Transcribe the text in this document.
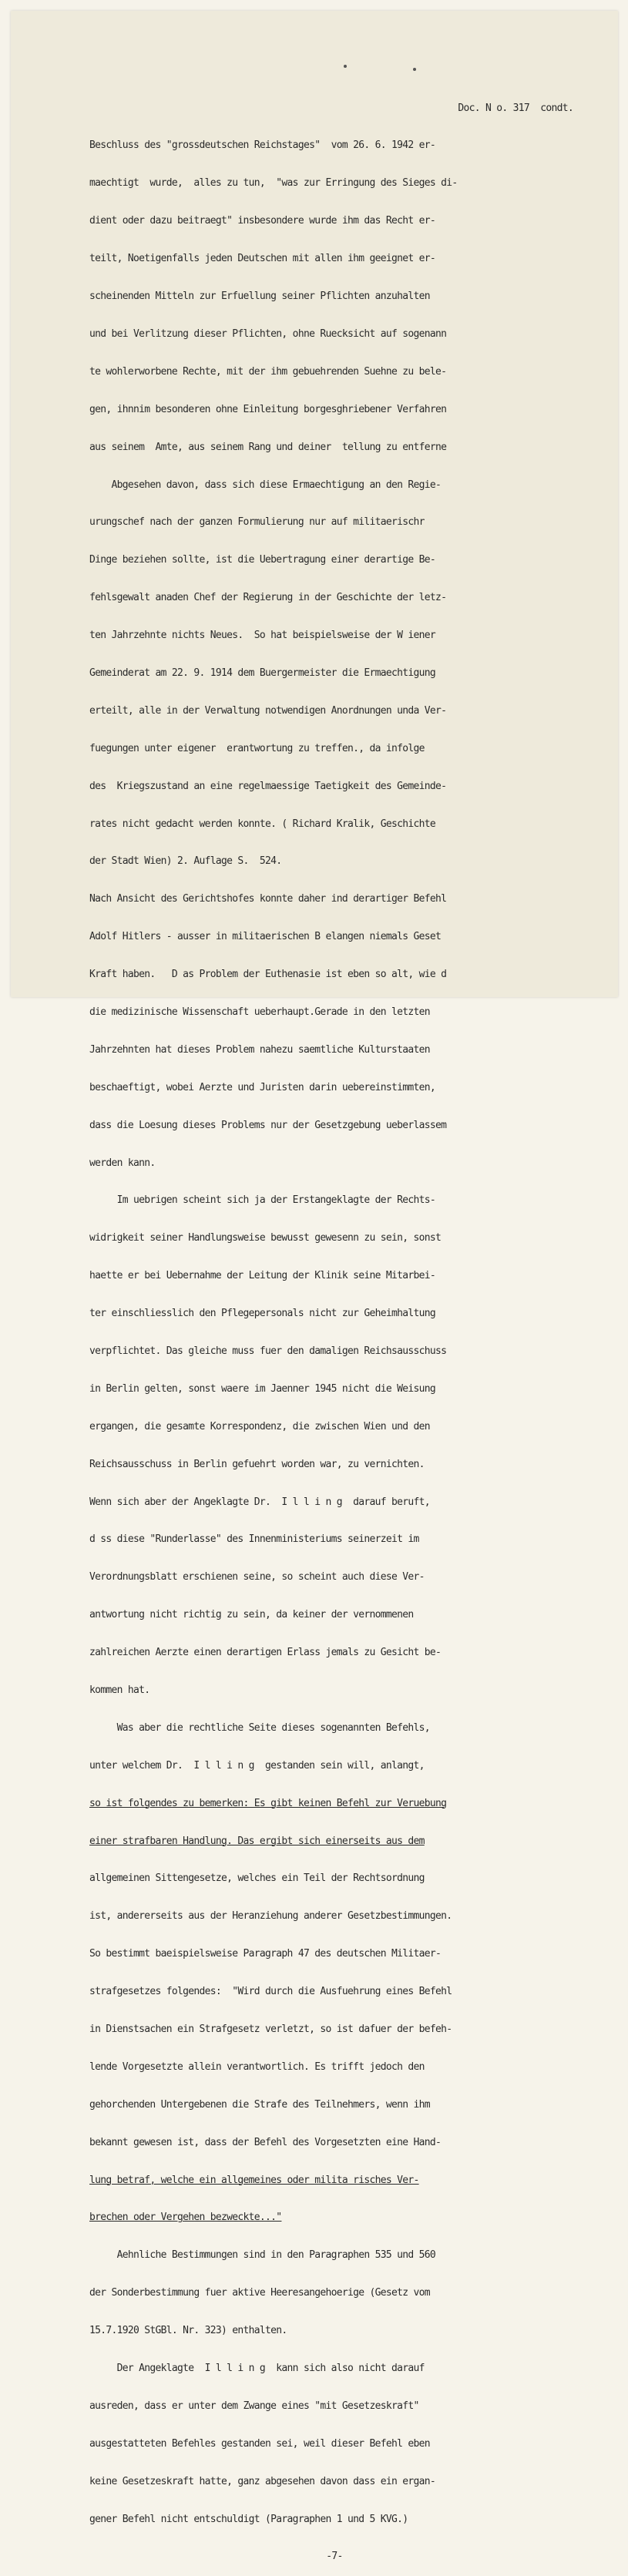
Doc. N o. 317  condt.

Beschluss des "grossdeutschen Reichstages"  vom 26. 6. 1942 er-

maechtigt  wurde,  alles zu tun,  "was zur Erringung des Sieges di-

dient oder dazu beitraegt" insbesondere wurde ihm das Recht er-

teilt, Noetigenfalls jeden Deutschen mit allen ihm geeignet er-

scheinenden Mitteln zur Erfuellung seiner Pflichten anzuhalten

und bei Verlitzung dieser Pflichten, ohne Ruecksicht auf sogenann

te wohlerworbene Rechte, mit der ihm gebuehrenden Suehne zu bele-

gen, ihnnim besonderen ohne Einleitung borgesghriebener Verfahren

aus seinem  Amte, aus seinem Rang und deiner  tellung zu entferne

Abgesehen davon, dass sich diese Ermaechtigung an den Regie-

urungschef nach der ganzen Formulierung nur auf militaerischr

Dinge beziehen sollte, ist die Uebertragung einer derartige Be-

fehlsgewalt anaden Chef der Regierung in der Geschichte der letz-

ten Jahrzehnte nichts Neues.  So hat beispielsweise der W iener

Gemeinderat am 22. 9. 1914 dem Buergermeister die Ermaechtigung

erteilt, alle in der Verwaltung notwendigen Anordnungen unda Ver-

fuegungen unter eigener  erantwortung zu treffen., da infolge

des  Kriegszustand an eine regelmaessige Taetigkeit des Gemeinde-

rates nicht gedacht werden konnte. ( Richard Kralik, Geschichte

der Stadt Wien) 2. Auflage S.  524.

Nach Ansicht des Gerichtshofes konnte daher ind derartiger Befehl

Adolf Hitlers - ausser in militaerischen B elangen niemals Geset

Kraft haben.   D as Problem der Euthenasie ist eben so alt, wie d

die medizinische Wissenschaft ueberhaupt.Gerade in den letzten

Jahrzehnten hat dieses Problem nahezu saemtliche Kulturstaaten

beschaeftigt, wobei Aerzte und Juristen darin uebereinstimmten,

dass die Loesung dieses Problems nur der Gesetzgebung ueberlassem

werden kann.

Im uebrigen scheint sich ja der Erstangeklagte der Rechts-

widrigkeit seiner Handlungsweise bewusst gewesenn zu sein, sonst

haette er bei Uebernahme der Leitung der Klinik seine Mitarbei-

ter einschliesslich den Pflegepersonals nicht zur Geheimhaltung

verpflichtet. Das gleiche muss fuer den damaligen Reichsausschuss

in Berlin gelten, sonst waere im Jaenner 1945 nicht die Weisung

ergangen, die gesamte Korrespondenz, die zwischen Wien und den

Reichsausschuss in Berlin gefuehrt worden war, zu vernichten.

Wenn sich aber der Angeklagte Dr.  I l l i n g  darauf beruft,

d ss diese "Runderlasse" des Innenministeriums seinerzeit im

Verordnungsblatt erschienen seine, so scheint auch diese Ver-

antwortung nicht richtig zu sein, da keiner der vernommenen

zahlreichen Aerzte einen derartigen Erlass jemals zu Gesicht be-

kommen hat.

Was aber die rechtliche Seite dieses sogenannten Befehls,

unter welchem Dr.  I l l i n g  gestanden sein will, anlangt,

so ist folgendes zu bemerken: Es gibt keinen Befehl zur Veruebung

einer strafbaren Handlung. Das ergibt sich einerseits aus dem

allgemeinen Sittengesetze, welches ein Teil der Rechtsordnung

ist, andererseits aus der Heranziehung anderer Gesetzbestimmungen.

So bestimmt baeispielsweise Paragraph 47 des deutschen Militaer-

strafgesetzes folgendes:  "Wird durch die Ausfuehrung eines Befehl

in Dienstsachen ein Strafgesetz verletzt, so ist dafuer der befeh-

lende Vorgesetzte allein verantwortlich. Es trifft jedoch den

gehorchenden Untergebenen die Strafe des Teilnehmers, wenn ihm

bekannt gewesen ist, dass der Befehl des Vorgesetzten eine Hand-

lung betraf, welche ein allgemeines oder milita risches Ver-

brechen oder Vergehen bezweckte..."

Aehnliche Bestimmungen sind in den Paragraphen 535 und 560

der Sonderbestimmung fuer aktive Heeresangehoerige (Gesetz vom

15.7.1920 StGBl. Nr. 323) enthalten.

Der Angeklagte  I l l i n g  kann sich also nicht darauf

ausreden, dass er unter dem Zwange eines "mit Gesetzeskraft"

ausgestatteten Befehles gestanden sei, weil dieser Befehl eben

keine Gesetzeskraft hatte, ganz abgesehen davon dass ein ergan-

gener Befehl nicht entschuldigt (Paragraphen 1 und 5 KVG.)

-7-
